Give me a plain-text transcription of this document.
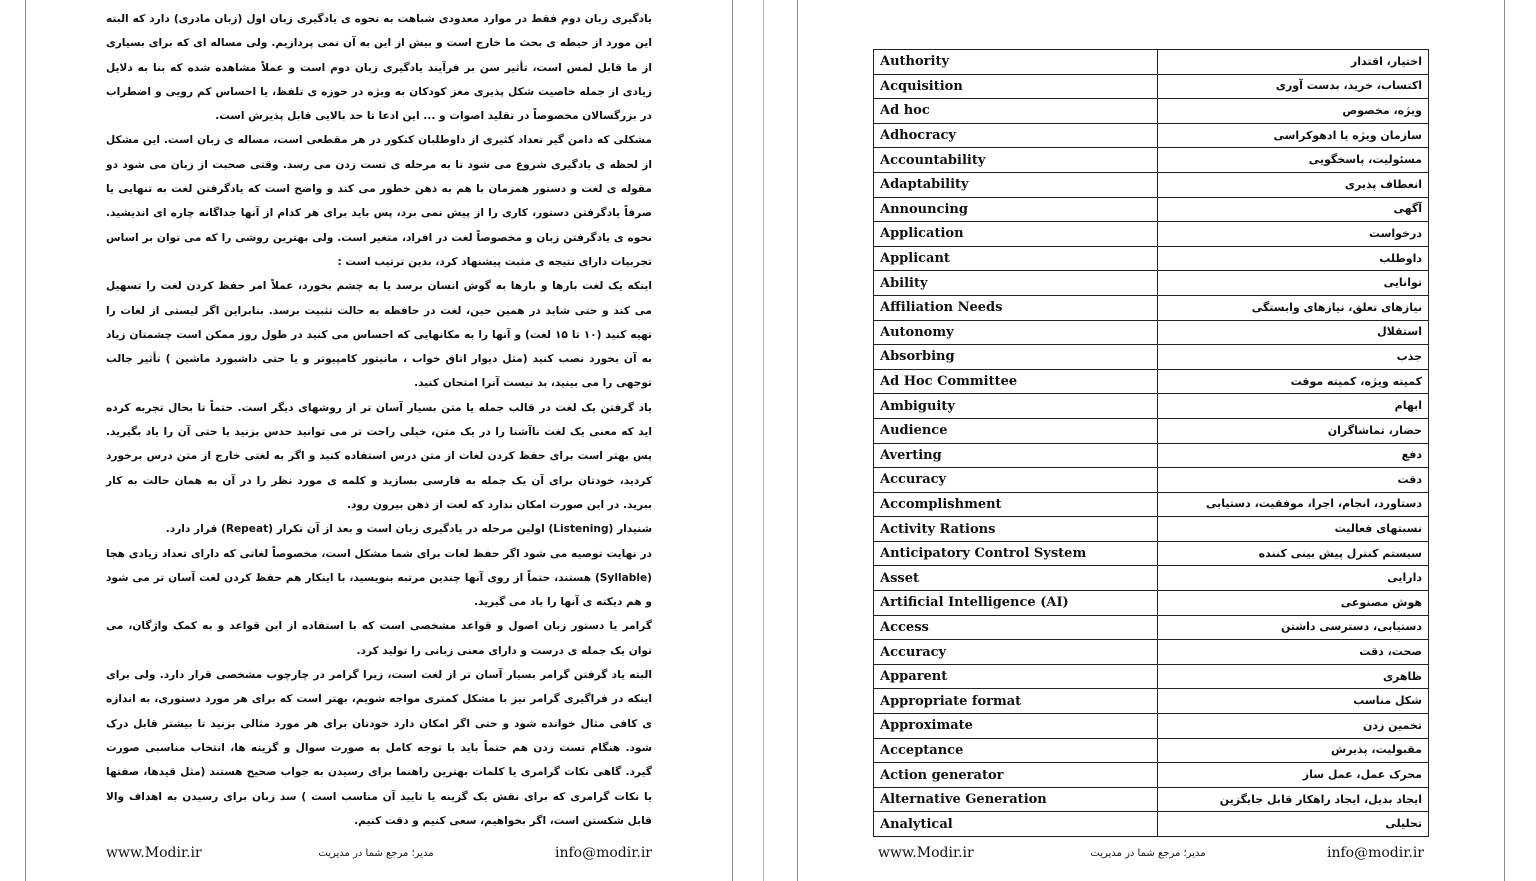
یادگیری زبان دوم فقط در موارد معدودی شباهت به نحوه ی یادگیری زبان اول (زبان مادری) دارد که البته این مورد از حیطه ی بحث ما خارج است و بیش از این به آن نمی پردازیم. ولی مساله ای که برای بسیاری از ما قابل لمس است، تأثیر سن بر فرآیند یادگیری زبان دوم است و عملاً مشاهده شده که بنا به دلایل زیادی از جمله خاصیت شکل پذیری مغز کودکان به ویژه در حوزه ی تلفظ، یا احساس کم رویی و اضطراب در بزرگسالان مخصوصاً در تقلید اصوات و ... این ادعا تا حد بالایی قابل پذیرش است.

مشکلی که دامن گیر تعداد کثیری از داوطلبان کنکور در هر مقطعی است، مساله ی زبان است. این مشکل از لحظه ی یادگیری شروع می شود تا به مرحله ی تست زدن می رسد. وقتی صحبت از زبان می شود دو مقوله ی لغت و دستور همزمان با هم به ذهن خطور می کند و واضح است که یادگرفتن لغت به تنهایی یا صرفاً یادگرفتن دستور، کاری را از پیش نمی برد، پس باید برای هر کدام از آنها جداگانه چاره ای اندیشید. نحوه ی یادگرفتن زبان و مخصوصاً لغت در افراد، متغیر است. ولی بهترین روشی را که می توان بر اساس تجربیات دارای نتیجه ی مثبت پیشنهاد کرد، بدین ترتیب است :

اینکه یک لغت بارها و بارها به گوش انسان برسد یا به چشم بخورد، عملاً امر حفظ کردن لغت را تسهیل می کند و حتی شاید در همین حین، لغت در حافظه به حالت تثبیت برسد. بنابراین اگر لیستی از لغات را تهیه کنید (۱۰ تا ۱۵ لغت) و آنها را به مکانهایی که احساس می کنید در طول روز ممکن است چشمتان زیاد به آن بخورد نصب کنید (مثل دیوار اتاق خواب ، مانیتور کامپیوتر و یا حتی داشبورد ماشین ) تأثیر جالب توجهی را می بینید، بد نیست آنرا امتحان کنید.

یاد گرفتن یک لغت در قالب جمله یا متن بسیار آسان تر از روشهای دیگر است. حتماً تا بحال تجربه کرده اید که معنی یک لغت ناآشنا را در یک متن، خیلی راحت تر می توانید حدس بزنید یا حتی آن را یاد بگیرید. پس بهتر است برای حفظ کردن لغات از متن درس استفاده کنید و اگر به لغتی خارج از متن درس برخورد کردید، خودتان برای آن یک جمله به فارسی بسازید و کلمه ی مورد نظر را در آن به همان حالت به کار ببرید. در این صورت امکان ندارد که لغت از ذهن بیرون رود.

شنیدار (Listening) اولین مرحله در یادگیری زبان است و بعد از آن تکرار (Repeat) قرار دارد.

در نهایت توصیه می شود اگر حفظ لغات برای شما مشکل است، مخصوصاً لغاتی که دارای تعداد زیادی هجا (Syllable) هستند، حتماً از روی آنها چندین مرتبه بنویسید، با اینکار هم حفظ کردن لغت آسان تر می شود و هم دیکته ی آنها را یاد می گیرید.

گرامر یا دستور زبان اصول و قواعد مشخصی است که با استفاده از این قواعد و به کمک واژگان، می توان یک جمله ی درست و دارای معنی زبانی را تولید کرد.

البته یاد گرفتن گرامر بسیار آسان تر از لغت است، زیرا گرامر در چارچوب مشخصی قرار دارد. ولی برای اینکه در فراگیری گرامر نیز با مشکل کمتری مواجه شویم، بهتر است که برای هر مورد دستوری، به اندازه ی کافی مثال خوانده شود و حتی اگر امکان دارد خودتان برای هر مورد مثالی بزنید تا بیشتر قابل درک شود. هنگام تست زدن هم حتماً باید با توجه کامل به صورت سوال و گزینه ها، انتخاب مناسبی صورت گیرد. گاهی نکات گرامری یا کلمات بهترین راهنما برای رسیدن به جواب صحیح هستند (مثل قیدها، صفتها یا نکات گرامری که برای نقش یک گزینه یا تایید آن مناسب است ) سد زبان برای رسیدن به اهداف والا قابل شکستن است، اگر بخواهیم، سعی کنیم و دقت کنیم.

www.Modir.ir	مدیر؛ مرجع شما در مدیریت	info@modir.ir
Authority	اختیار، اقتدار
Acquisition	اکتساب، خرید، بدست آوری
Ad hoc	ویژه، مخصوص
Adhocracy	سازمان ویژه یا ادهوکراسی
Accountability	مسئولیت، پاسخگویی
Adaptability	انعطاف پذیری
Announcing	آگهی
Application	درخواست
Applicant	داوطلب
Ability	توانایی
Affiliation Needs	نیازهای تعلق، نیازهای وابستگی
Autonomy	استقلال
Absorbing	جذب
Ad Hoc Committee	کمیته ویژه، کمیته موقت
Ambiguity	ابهام
Audience	حضار، تماشاگران
Averting	دفع
Accuracy	دقت
Accomplishment	دستاورد، انجام، اجرا، موفقیت، دستیابی
Activity Rations	نسبتهای فعالیت
Anticipatory Control System	سیستم کنترل پیش بینی کننده
Asset	دارایی
Artificial Intelligence (AI)	هوش مصنوعی
Access	دستیابی، دسترسی داشتن
Accuracy	صحت، دقت
Apparent	ظاهری
Appropriate format	شکل مناسب
Approximate	تخمین زدن
Acceptance	مقبولیت، پذیرش
Action generator	محرک عمل، عمل ساز
Alternative Generation	ایجاد بدیل، ایجاد راهکار قابل جایگزین
Analytical	تحلیلی
www.Modir.ir	مدیر؛ مرجع شما در مدیریت	info@modir.ir
